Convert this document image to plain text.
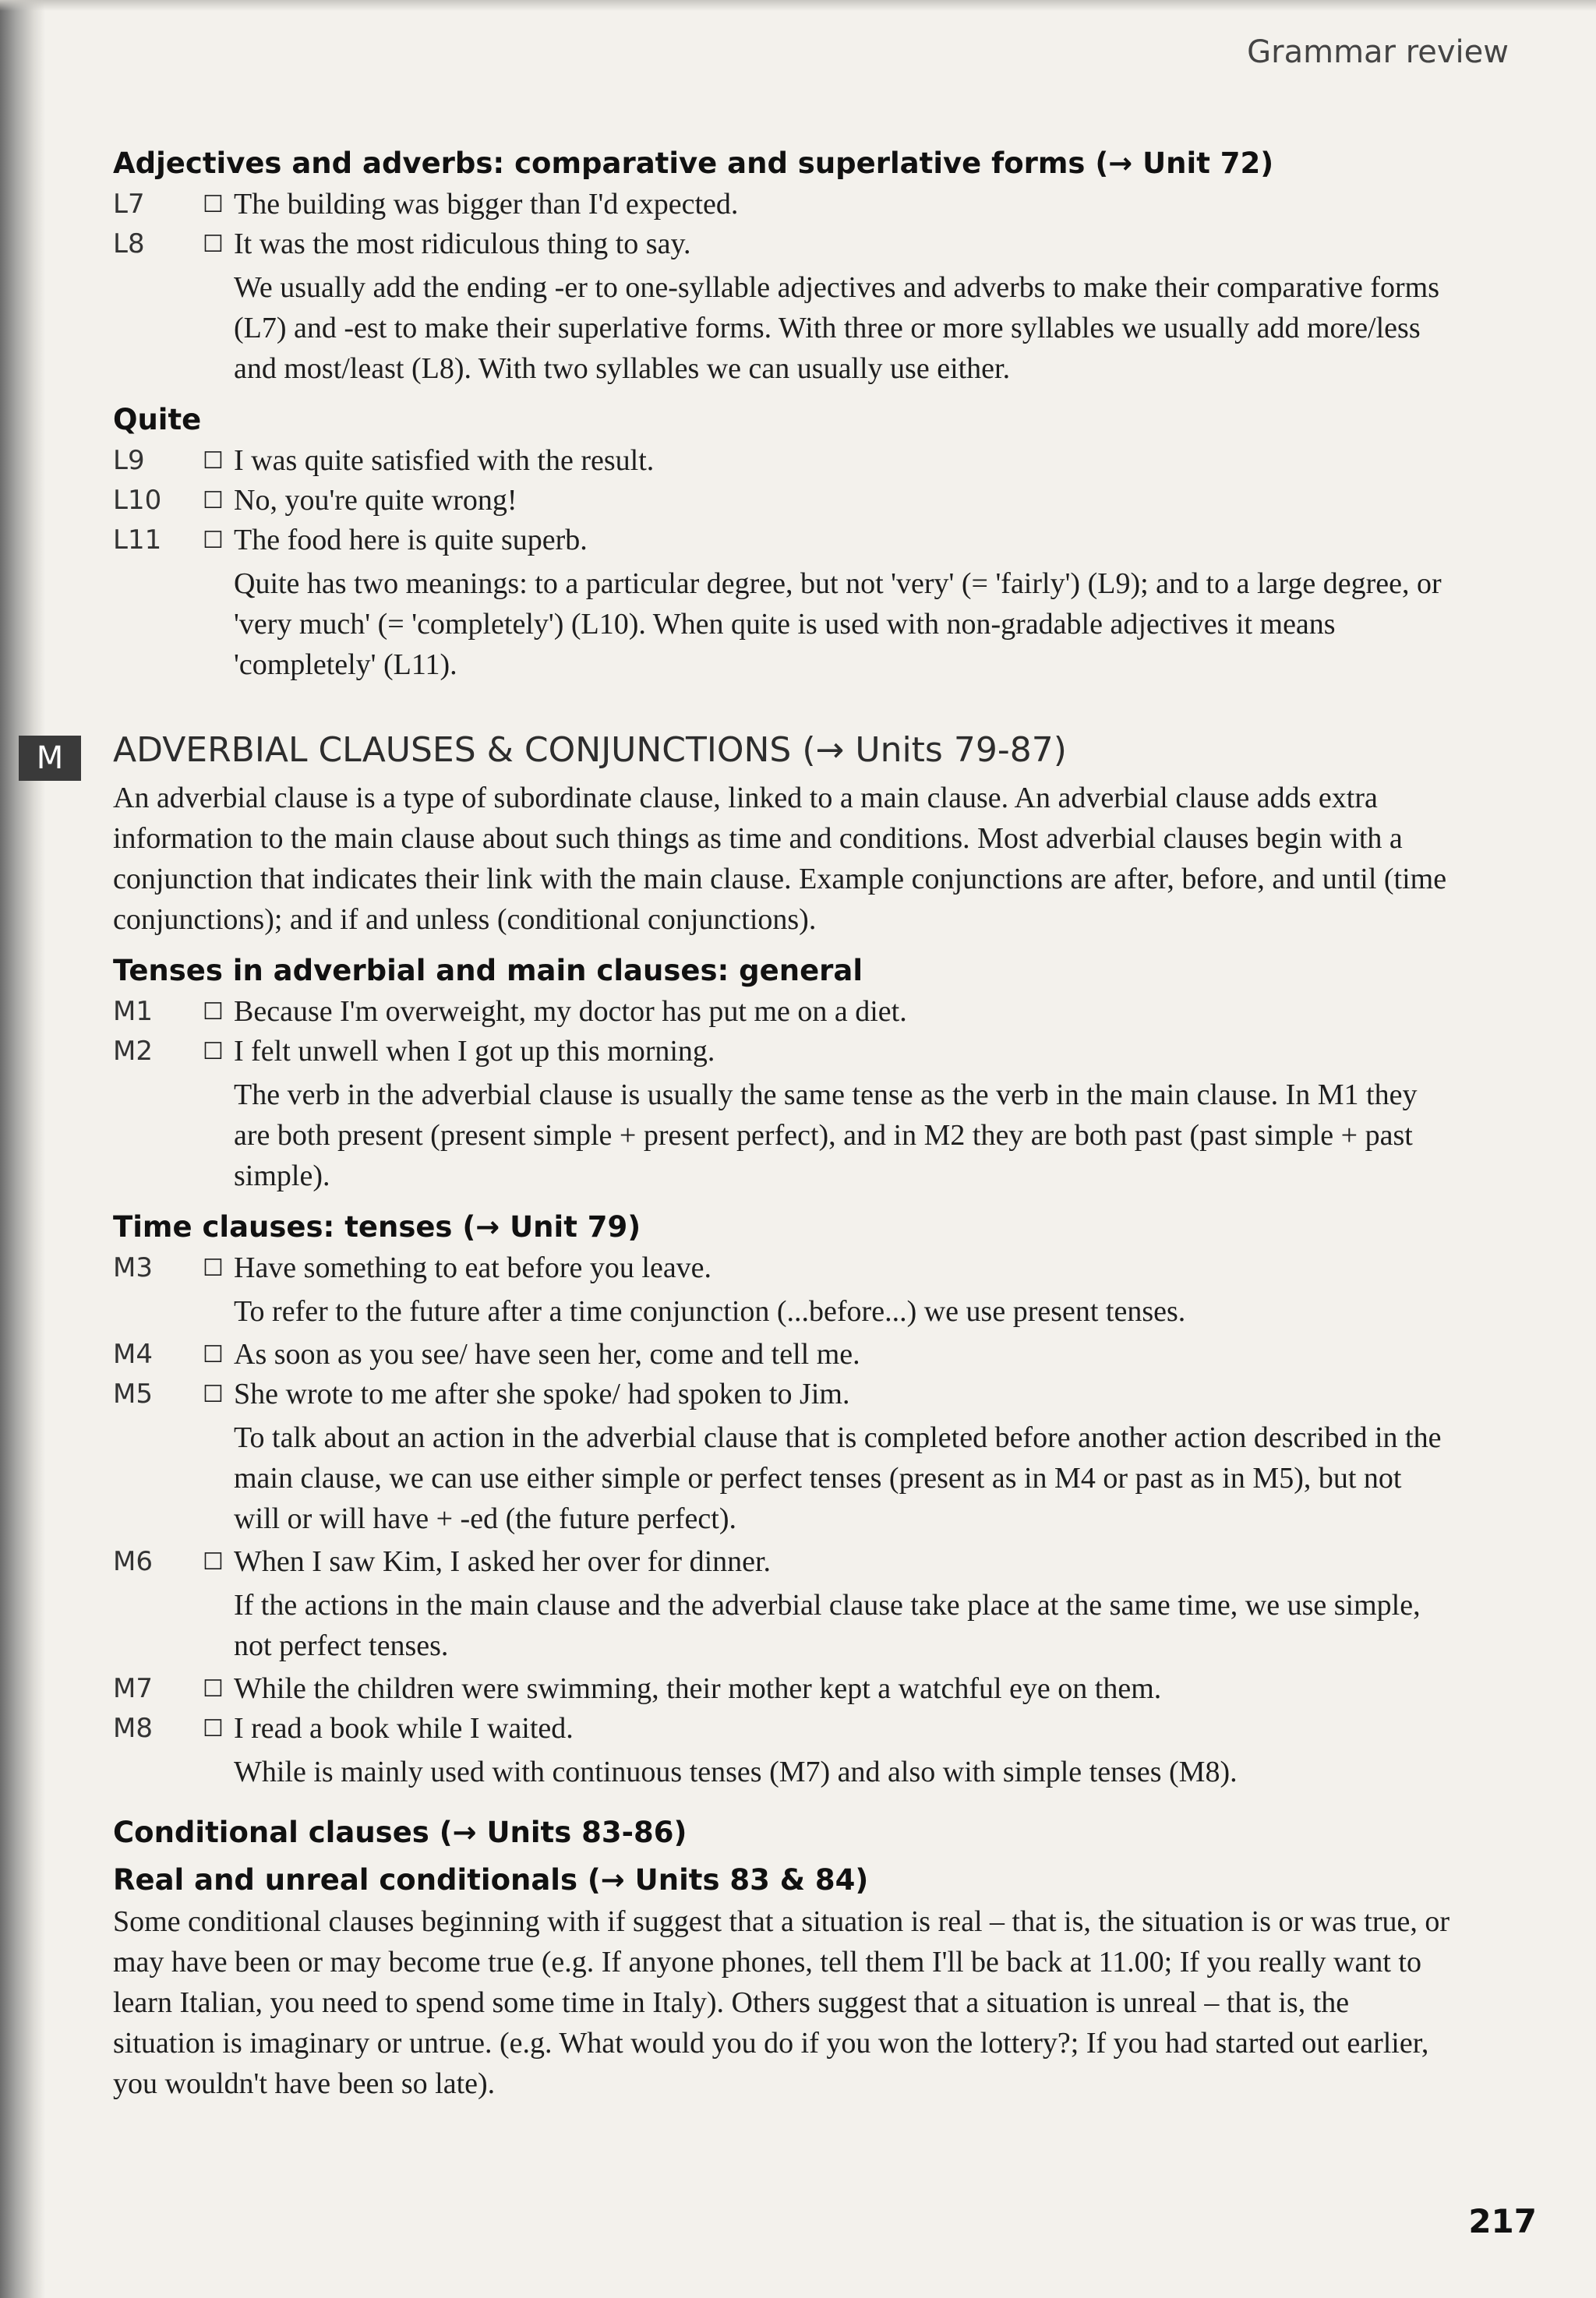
Grammar review
M
Adjectives and adverbs: comparative and superlative forms (→ Unit 72)
L7	☐ The building was bigger than I'd expected.
L8	☐ It was the most ridiculous thing to say.
We usually add the ending -er to one-syllable adjectives and adverbs to make their comparative forms (L7) and -est to make their superlative forms. With three or more syllables we usually add more/less and most/least (L8). With two syllables we can usually use either.
Quite
L9	☐ I was quite satisfied with the result.
L10	☐ No, you're quite wrong!
L11	☐ The food here is quite superb.
Quite has two meanings: to a particular degree, but not 'very' (= 'fairly') (L9); and to a large degree, or 'very much' (= 'completely') (L10). When quite is used with non-gradable adjectives it means 'completely' (L11).
ADVERBIAL CLAUSES & CONJUNCTIONS (→ Units 79-87)
An adverbial clause is a type of subordinate clause, linked to a main clause. An adverbial clause adds extra information to the main clause about such things as time and conditions. Most adverbial clauses begin with a conjunction that indicates their link with the main clause. Example conjunctions are after, before, and until (time conjunctions); and if and unless (conditional conjunctions).
Tenses in adverbial and main clauses: general
M1	☐ Because I'm overweight, my doctor has put me on a diet.
M2	☐ I felt unwell when I got up this morning.
The verb in the adverbial clause is usually the same tense as the verb in the main clause. In M1 they are both present (present simple + present perfect), and in M2 they are both past (past simple + past simple).
Time clauses: tenses (→ Unit 79)
M3	☐ Have something to eat before you leave.
To refer to the future after a time conjunction (...before...) we use present tenses.
M4	☐ As soon as you see/ have seen her, come and tell me.
M5	☐ She wrote to me after she spoke/ had spoken to Jim.
To talk about an action in the adverbial clause that is completed before another action described in the main clause, we can use either simple or perfect tenses (present as in M4 or past as in M5), but not will or will have + -ed (the future perfect).
M6	☐ When I saw Kim, I asked her over for dinner.
If the actions in the main clause and the adverbial clause take place at the same time, we use simple, not perfect tenses.
M7	☐ While the children were swimming, their mother kept a watchful eye on them.
M8	☐ I read a book while I waited.
While is mainly used with continuous tenses (M7) and also with simple tenses (M8).
Conditional clauses (→ Units 83-86)
Real and unreal conditionals (→ Units 83 & 84)
Some conditional clauses beginning with if suggest that a situation is real – that is, the situation is or was true, or may have been or may become true (e.g. If anyone phones, tell them I'll be back at 11.00; If you really want to learn Italian, you need to spend some time in Italy). Others suggest that a situation is unreal – that is, the situation is imaginary or untrue. (e.g. What would you do if you won the lottery?; If you had started out earlier, you wouldn't have been so late).
217
